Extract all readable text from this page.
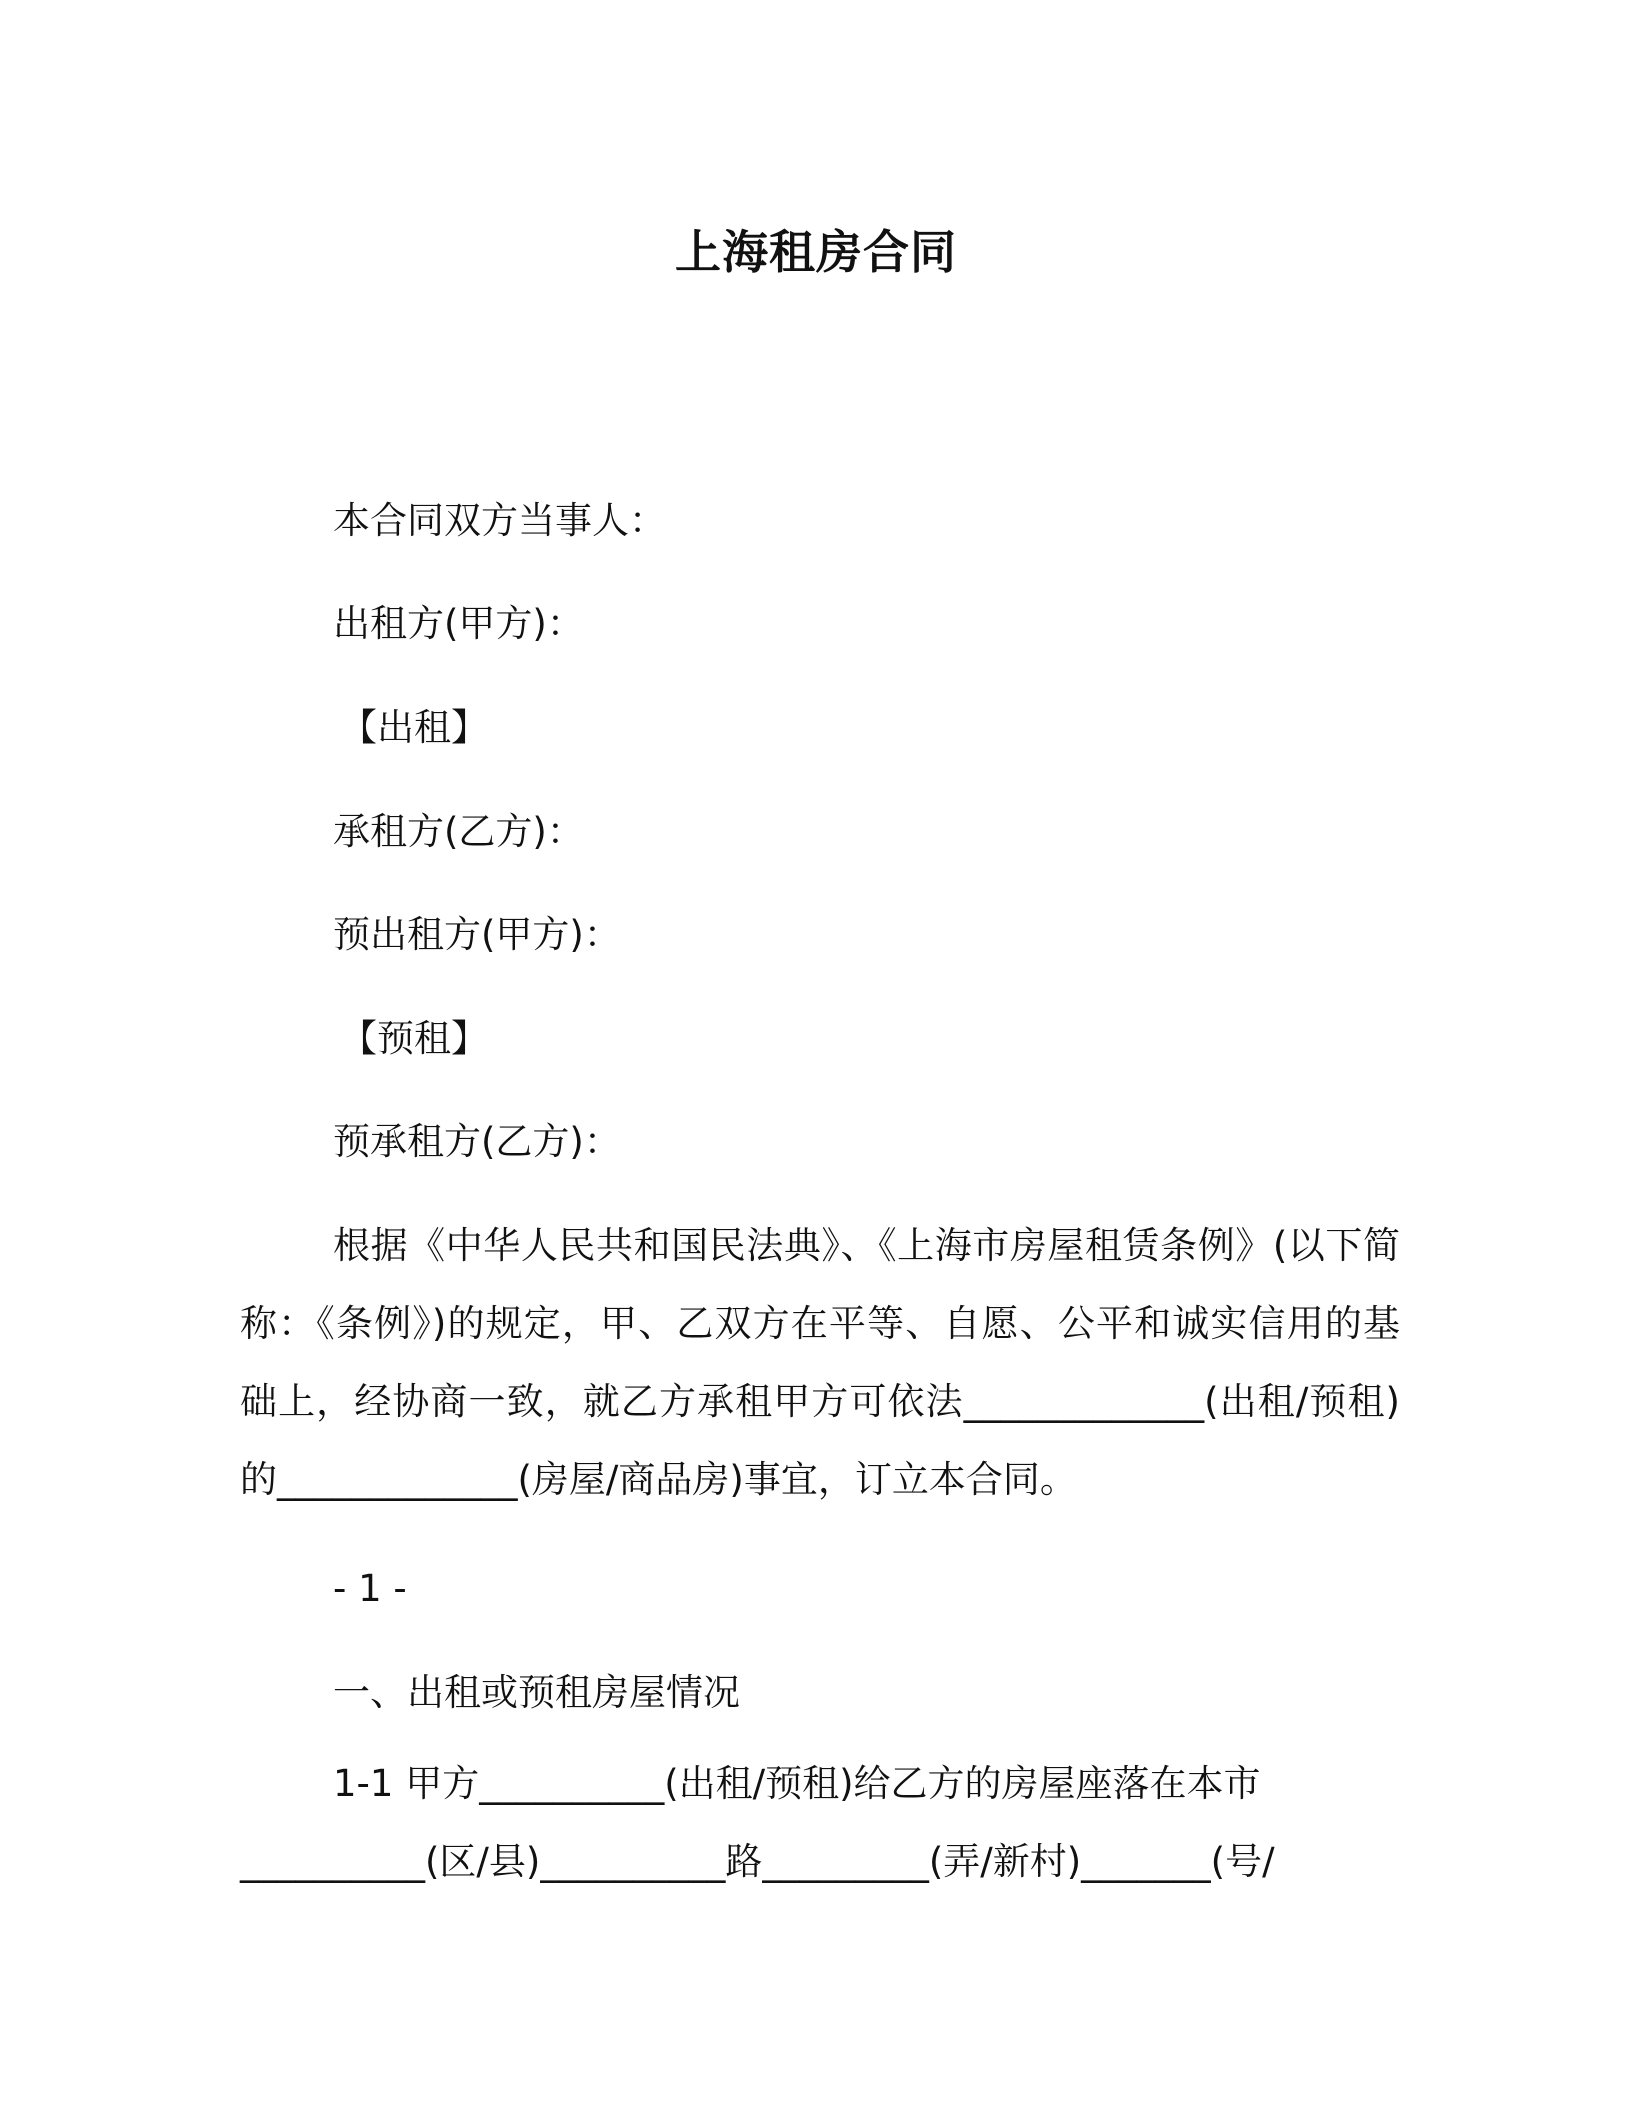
上海租房合同
本合同双方当事人：
出租方(甲方)：
【出租】
承租方(乙方)：
预出租方(甲方)：
【预租】
预承租方(乙方)：
根据《中华人民共和国民法典》、《上海市房屋租赁条例》(以下简称：《条例》)的规定，甲、乙双方在平等、自愿、公平和诚实信用的基础上，经协商一致，就乙方承租甲方可依法_____________(出租/预租)的_____________(房屋/商品房)事宜，订立本合同。
- 1 -
一、出租或预租房屋情况
1-1 甲方__________(出租/预租)给乙方的房屋座落在本市__________(区/县)__________路_________(弄/新村)_______(号/
